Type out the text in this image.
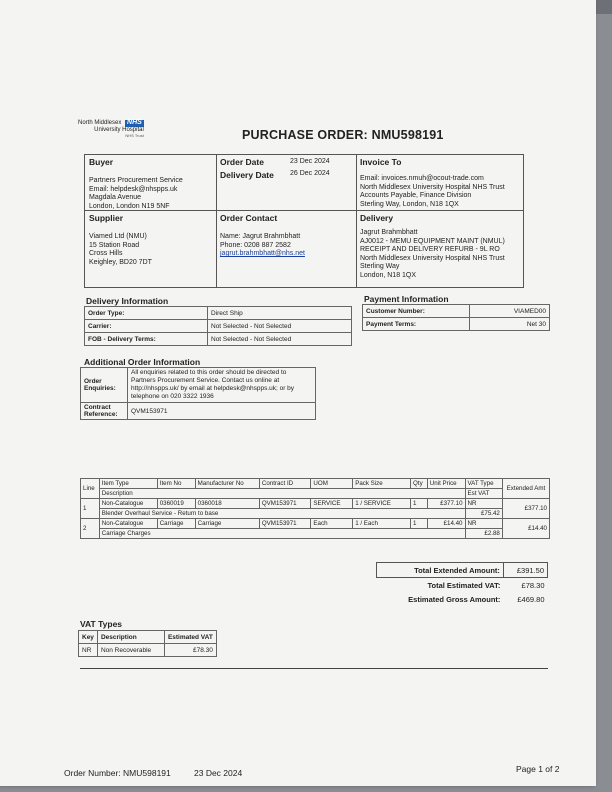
North Middlesex NHS
University Hospital
NHS Trust	PURCHASE ORDER: NMU598191
Buyer
Partners Procurement Service
Email: helpdesk@nhspps.uk
Magdala Avenue
London, London N19 5NF
Order Date	23 Dec 2024
Delivery Date 26 Dec 2024
Invoice To
Email: invoices.nmuh@ocout-trade.com
North Middlesex University Hospital NHS Trust
Accounts Payable, Finance Division
Sterling Way, London, N18 1QX
Supplier
Viamed Ltd (NMU)
15 Station Road
Cross Hills
Keighley, BD20 7DT
Order Contact
Name: Jagrut Brahmbhatt
Phone: 0208 887 2582
jagrut.brahmbhatt@nhs.net
Delivery
Jagrut Brahmbhatt
AJ0012 - MEMU EQUIPMENT MAINT (NMUL)
RECEIPT AND DELIVERY REFURB - 9L RO
North Middlesex University Hospital NHS Trust
Sterling Way
London, N18 1QX
Delivery Information
Order Type:	Direct Ship
Carrier:	Not Selected - Not Selected
FOB - Delivery Terms:	Not Selected - Not Selected
Payment Information
Customer Number:	VIAMED00
Payment Terms:	Net 30
Additional Order Information
Order
Enquiries:	All enquiries related to this order should be directed to Partners Procurement Service. Contact us online at http://nhspps.uk/ by email at helpdesk@nhspps.uk; or by telephone on 020 3322 1936
Contract
Reference:	QVM153971
Line	Item Type	Item No	Manufacturer No	Contract ID	UOM	Pack Size	Qty	Unit Price	VAT Type	Extended Amt
	Description								Est VAT	
1	Non-Catalogue	0360019	0360018	QVM153971	SERVICE	1 / SERVICE	1	£377.10	NR	£377.10
	Blender Overhaul Service - Return to base								£75.42	
2	Non-Catalogue	Carriage	Carriage	QVM153971	Each	1 / Each	1	£14.40	NR	£14.40
	Carriage Charges								£2.88	
Total Extended Amount:	£391.50
Total Estimated VAT:	£78.30
Estimated Gross Amount:	£469.80
VAT Types
Key	Description	Estimated VAT
NR	Non Recoverable	£78.30
Order Number: NMU598191	23 Dec 2024	Page 1 of 2
